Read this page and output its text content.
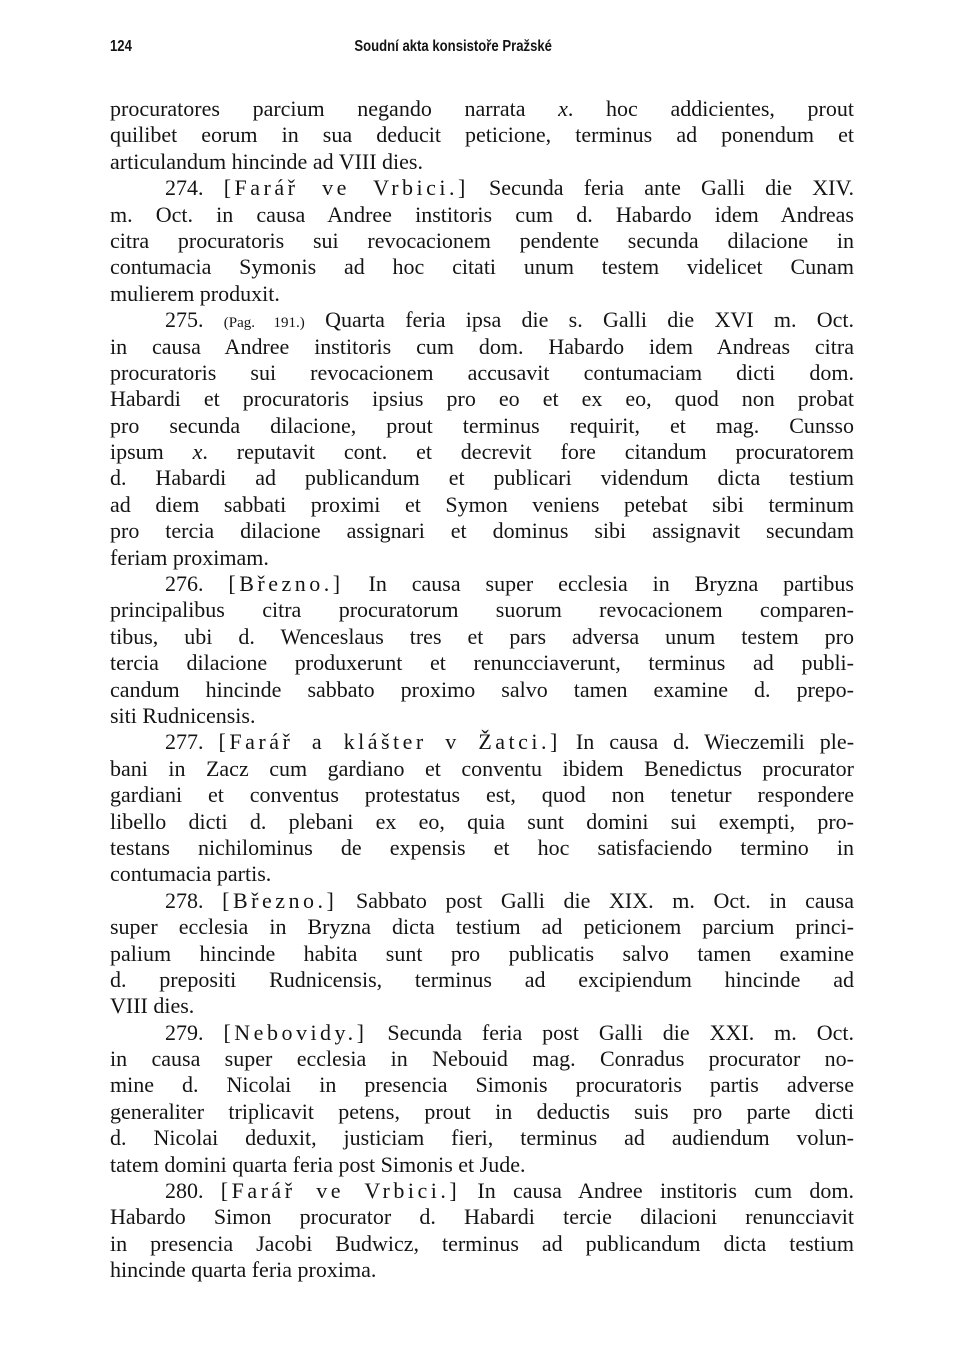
124	Soudní akta konsistoře Pražské
procuratores parcium negando narrata x. hoc addicientes, prout
quilibet eorum in sua deducit peticione, terminus ad ponendum et
articulandum hincinde ad VIII dies.
274. [Farář ve Vrbici.] Secunda feria ante Galli die XIV.
m. Oct. in causa Andree institoris cum d. Habardo idem Andreas
citra procuratoris sui revocacionem pendente secunda dilacione in
contumacia Symonis ad hoc citati unum testem videlicet Cunam
mulierem produxit.
275. (Pag. 191.) Quarta feria ipsa die s. Galli die XVI m. Oct.
in causa Andree institoris cum dom. Habardo idem Andreas citra
procuratoris sui revocacionem accusavit contumaciam dicti dom.
Habardi et procuratoris ipsius pro eo et ex eo, quod non probat
pro secunda dilacione, prout terminus requirit, et mag. Cunsso
ipsum x. reputavit cont. et decrevit fore citandum procuratorem
d. Habardi ad publicandum et publicari videndum dicta testium
ad diem sabbati proximi et Symon veniens petebat sibi terminum
pro tercia dilacione assignari et dominus sibi assignavit secundam
feriam proximam.
276. [Březno.] In causa super ecclesia in Bryzna partibus
principalibus citra procuratorum suorum revocacionem comparen-
tibus, ubi d. Wenceslaus tres et pars adversa unum testem pro
tercia dilacione produxerunt et renuncciaverunt, terminus ad publi-
candum hincinde sabbato proximo salvo tamen examine d. prepo-
siti Rudnicensis.
277. [Farář a klášter v Žatci.] In causa d. Wieczemili ple-
bani in Zacz cum gardiano et conventu ibidem Benedictus procurator
gardiani et conventus protestatus est, quod non tenetur respondere
libello dicti d. plebani ex eo, quia sunt domini sui exempti, pro-
testans nichilominus de expensis et hoc satisfaciendo termino in
contumacia partis.
278. [Březno.] Sabbato post Galli die XIX. m. Oct. in causa
super ecclesia in Bryzna dicta testium ad peticionem parcium princi-
palium hincinde habita sunt pro publicatis salvo tamen examine
d. prepositi Rudnicensis, terminus ad excipiendum hincinde ad
VIII dies.
279. [Nebovidy.] Secunda feria post Galli die XXI. m. Oct.
in causa super ecclesia in Nebouid mag. Conradus procurator no-
mine d. Nicolai in presencia Simonis procuratoris partis adverse
generaliter triplicavit petens, prout in deductis suis pro parte dicti
d. Nicolai deduxit, justiciam fieri, terminus ad audiendum volun-
tatem domini quarta feria post Simonis et Jude.
280. [Farář ve Vrbici.] In causa Andree institoris cum dom.
Habardo Simon procurator d. Habardi tercie dilacioni renuncciavit
in presencia Jacobi Budwicz, terminus ad publicandum dicta testium
hincinde quarta feria proxima.
